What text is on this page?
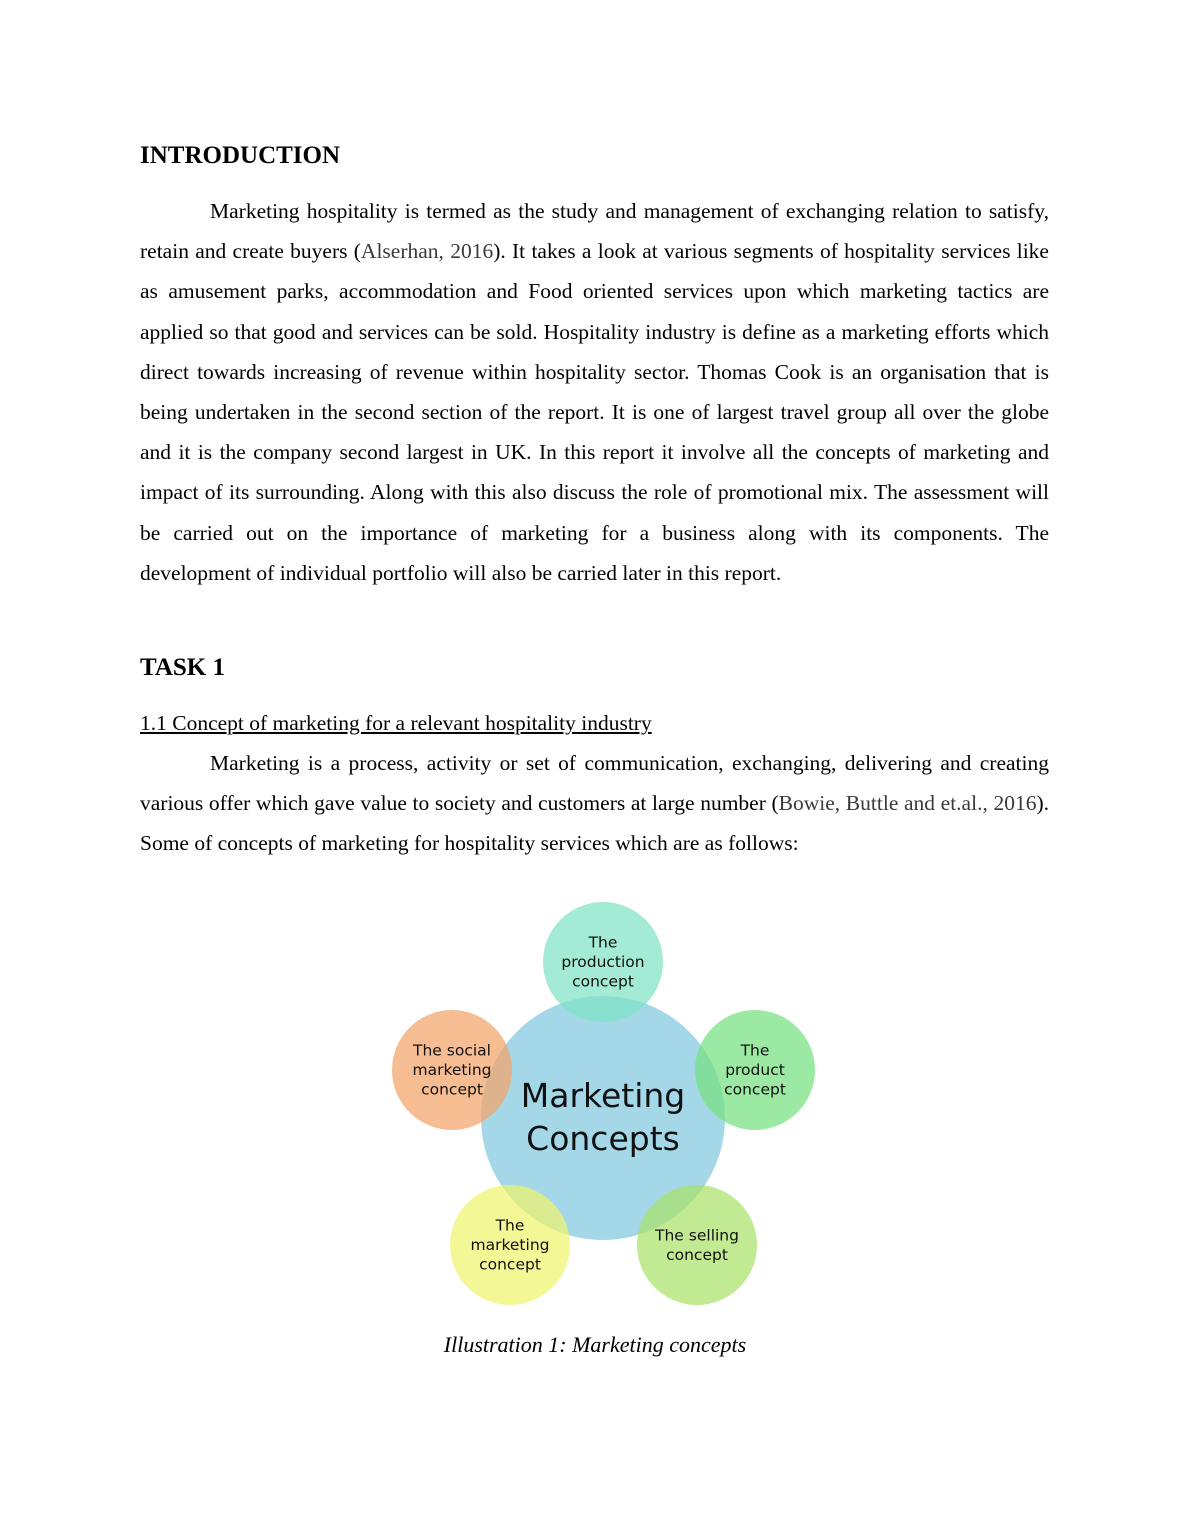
INTRODUCTION

Marketing hospitality is termed as the study and management of exchanging relation to satisfy, retain and create buyers (Alserhan, 2016). It takes a look at various segments of hospitality services like as amusement parks, accommodation and Food oriented services upon which marketing tactics are applied so that good and services can be sold. Hospitality industry is define as a marketing efforts which direct towards increasing of revenue within hospitality sector. Thomas Cook is an organisation that is being undertaken in the second section of the report. It is one of largest travel group all over the globe and it is the company second largest in UK. In this report it involve all the concepts of marketing and impact of its surrounding. Along with this also discuss the role of promotional mix. The assessment will be carried out on the importance of marketing for a business along with its components. The development of individual portfolio will also be carried later in this report.

TASK 1

1.1 Concept of marketing for a relevant hospitality industry

Marketing is a process, activity or set of communication, exchanging, delivering and creating various offer which gave value to society and customers at large number (Bowie, Buttle and et.al., 2016). Some of concepts of marketing for hospitality services which are as follows:

Marketing
Concepts
The
production
concept
The
product
concept
The selling
concept
The
marketing
concept
The social
marketing
concept

Illustration 1: Marketing concepts
